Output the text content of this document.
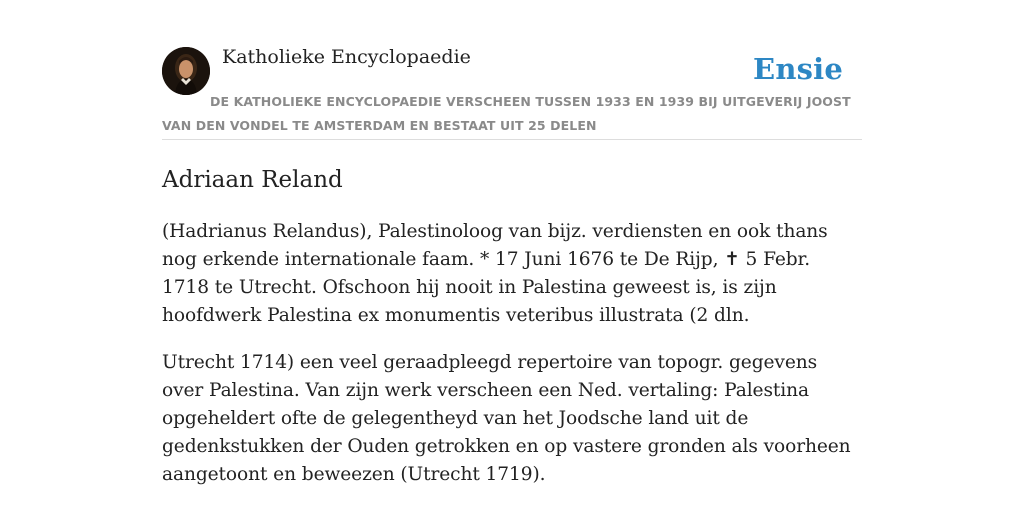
Katholieke Encyclopaedie	Ensie
DE KATHOLIEKE ENCYCLOPAEDIE VERSCHEEN TUSSEN 1933 EN 1939 BIJ UITGEVERIJ JOOST VAN DEN VONDEL TE AMSTERDAM EN BESTAAT UIT 25 DELEN
Adriaan Reland

(Hadrianus Relandus), Palestinoloog van bijz. verdiensten en ook thans nog erkende internationale faam. * 17 Juni 1676 te De Rijp, ✝ 5 Febr. 1718 te Utrecht. Ofschoon hij nooit in Palestina geweest is, is zijn hoofdwerk Palestina ex monumentis veteribus illustrata (2 dln.

Utrecht 1714) een veel geraadpleegd repertoire van topogr. gegevens over Palestina. Van zijn werk verscheen een Ned. vertaling: Palestina opgeheldert ofte de gelegentheyd van het Joodsche land uit de gedenkstukken der Ouden getrokken en op vastere gronden als voorheen aangetoont en beweezen (Utrecht 1719).
